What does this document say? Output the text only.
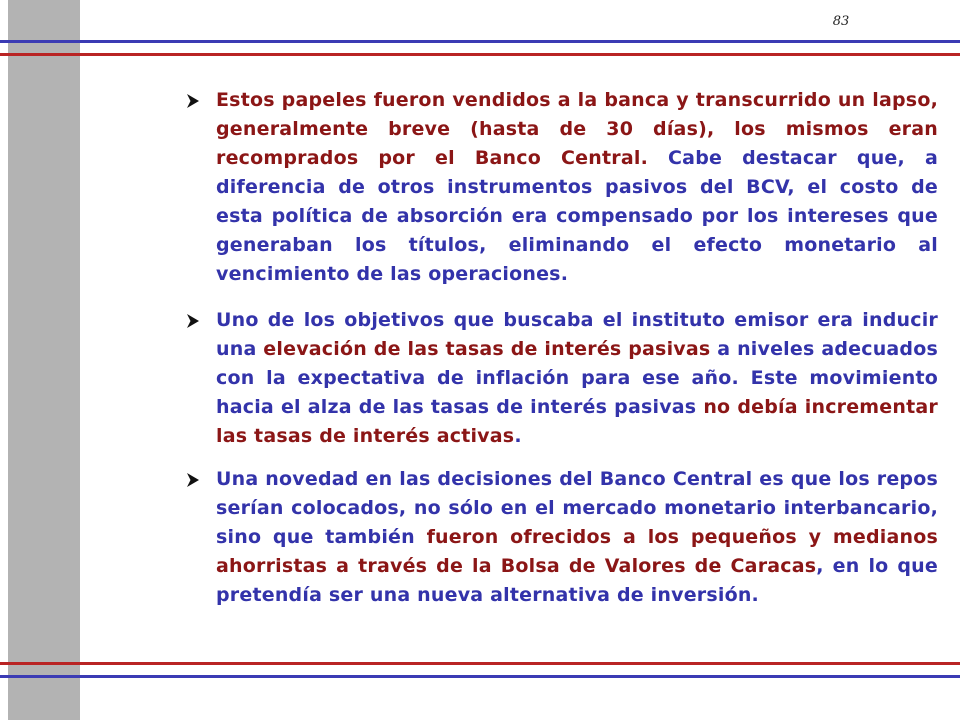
83
Estos papeles fueron vendidos a la banca y transcurrido un lapso, generalmente breve (hasta de 30 días), los mismos eran recomprados por el Banco Central. Cabe destacar que, a diferencia de otros instrumentos pasivos del BCV, el costo de esta política de absorción era compensado por los intereses que generaban los títulos, eliminando el efecto monetario al vencimiento de las operaciones.
Uno de los objetivos que buscaba el instituto emisor era inducir una elevación de las tasas de interés pasivas a niveles adecuados con la expectativa de inflación para ese año. Este movimiento hacia el alza de las tasas de interés pasivas no debía incrementar las tasas de interés activas.
Una novedad en las decisiones del Banco Central es que los repos serían colocados, no sólo en el mercado monetario interbancario, sino que también fueron ofrecidos a los pequeños y medianos ahorristas a través de la Bolsa de Valores de Caracas, en lo que pretendía ser una nueva alternativa de inversión.
